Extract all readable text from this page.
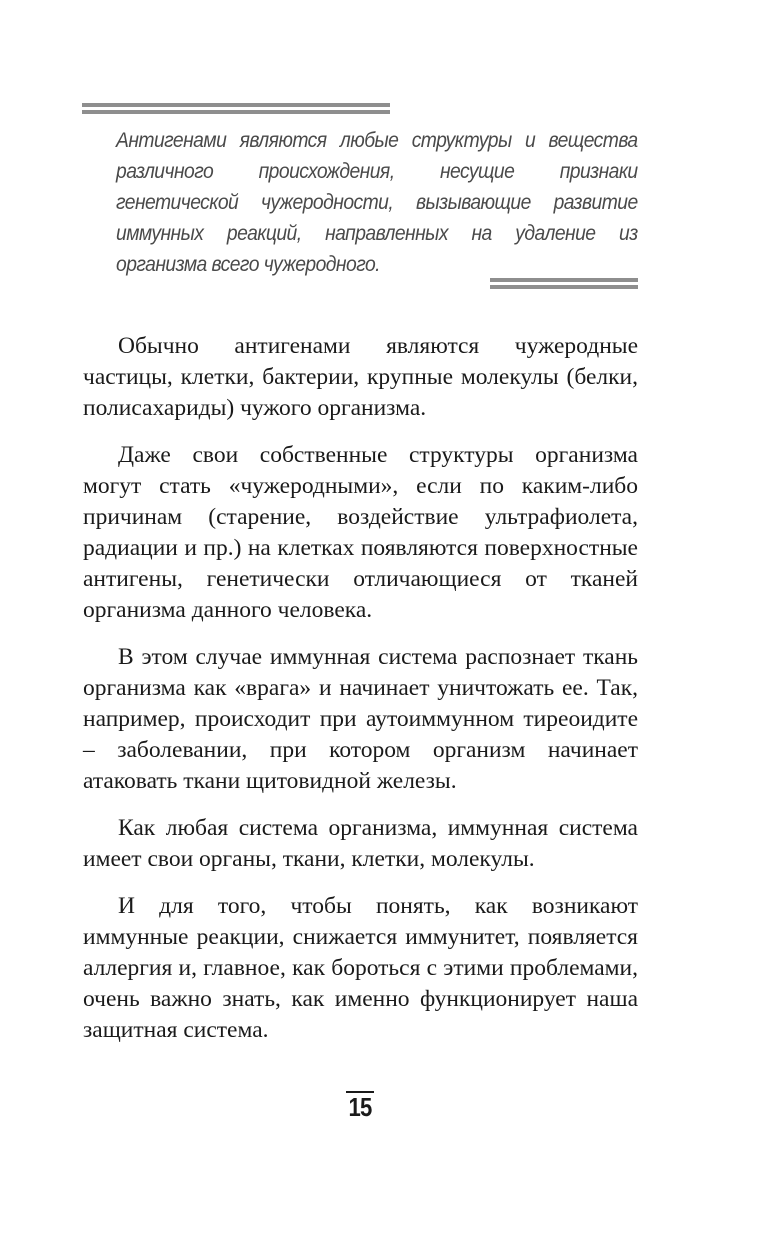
Антигенами являются любые структуры и вещества различного происхождения, несущие признаки генетической чужеродности, вызывающие развитие иммунных реакций, направленных на удаление из организма всего чужеродного.

Обычно антигенами являются чужеродные частицы, клетки, бактерии, крупные молекулы (белки, полисахариды) чужого организма.

Даже свои собственные структуры организма могут стать «чужеродными», если по каким-либо причинам (старение, воздействие ультрафиолета, радиации и пр.) на клетках появляются поверхностные антигены, генетически отличающиеся от тканей организма данного человека.

В этом случае иммунная система распознает ткань организма как «врага» и начинает уничтожать ее. Так, например, происходит при аутоиммунном тиреоидите – заболевании, при котором организм начинает атаковать ткани щитовидной железы.

Как любая система организма, иммунная система имеет свои органы, ткани, клетки, молекулы.

И для того, чтобы понять, как возникают иммунные реакции, снижается иммунитет, появляется аллергия и, главное, как бороться с этими проблемами, очень важно знать, как именно функционирует наша защитная система.

15
